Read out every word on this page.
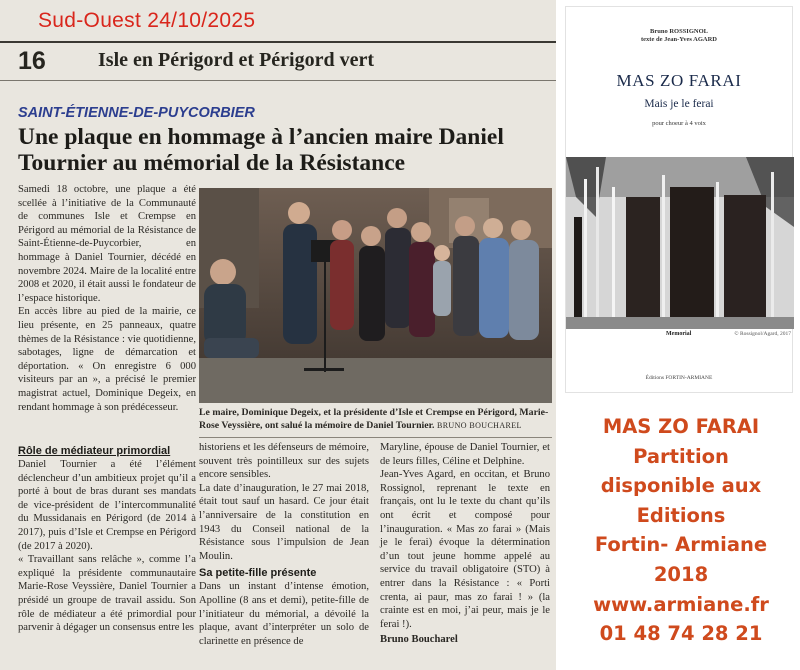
Sud-Ouest 24/10/2025
16	Isle en Périgord et Périgord vert
SAINT-ÉTIENNE-DE-PUYCORBIER
Une plaque en hommage à l’ancien maire Daniel Tournier au mémorial de la Résistance

Samedi 18 octobre, une plaque a été scellée à l’initiative de la Communauté de communes Isle et Crempse en Périgord au mémorial de la Résistance de Saint-Étienne-de-Puycorbier, en hommage à Daniel Tournier, décédé en novembre 2024. Maire de la localité entre 2008 et 2020, il était aussi le fondateur de l’espace historique.

En accès libre au pied de la mairie, ce lieu présente, en 25 panneaux, quatre thèmes de la Résistance : vie quotidienne, sabotages, ligne de démarcation et déportation. « On enregistre 6 000 visiteurs par an », a précisé le premier magistrat actuel, Dominique Degeix, en rendant hommage à son prédécesseur.	Le maire, Dominique Degeix, et la présidente d’Isle et Crempse en Périgord, Marie-Rose Veyssière, ont salué la mémoire de Daniel Tournier. BRUNO BOUCHAREL
Rôle de médiateur primordial

Daniel Tournier a été l’élément déclencheur d’un ambitieux projet qu’il a porté à bout de bras durant ses mandats de vice-président de l’intercommunalité du Mussidanais en Périgord (de 2014 à 2017), puis d’Isle et Crempse en Périgord (de 2017 à 2020).

« Travaillant sans relâche », comme l’a expliqué la présidente communautaire Marie-Rose Veyssière, Daniel Tournier a présidé un groupe de travail assidu. Son rôle de médiateur a été primordial pour parvenir à dégager un consensus entre les

historiens et les défenseurs de mémoire, souvent très pointilleux sur des sujets encore sensibles.

La date d’inauguration, le 27 mai 2018, était tout sauf un hasard. Ce jour était l’anniversaire de la constitution en 1943 du Conseil national de la Résistance sous l’impulsion de Jean Moulin.

Sa petite-fille présente

Dans un instant d’intense émotion, Apolline (8 ans et demi), petite-fille de l’initiateur du mémorial, a dévoilé la plaque, avant d’interpréter un solo de clarinette en présence de

Maryline, épouse de Daniel Tournier, et de leurs filles, Céline et Delphine.

Jean-Yves Agard, en occitan, et Bruno Rossignol, reprenant le texte en français, ont lu le texte du chant qu’ils ont écrit et composé pour l’inauguration. « Mas zo farai » (Mais je le ferai) évoque la détermination d’un tout jeune homme appelé au service du travail obligatoire (STO) à entrer dans la Résistance : « Porti crenta, ai paur, mas zo farai ! » (la crainte est en moi, j’ai peur, mais je le ferai !).

Bruno Boucharel

Bruno ROSSIGNOL
texte de Jean-Yves AGARD
MAS ZO FARAI
Mais je le ferai
pour choeur à 4 voix
Memorial	© Rossignol/Agard, 2017
Éditions FORTIN-ARMIANE
MAS ZO FARAI
Partition
disponible aux
Editions
Fortin- Armiane
2018
www.armiane.fr
01 48 74 28 21
